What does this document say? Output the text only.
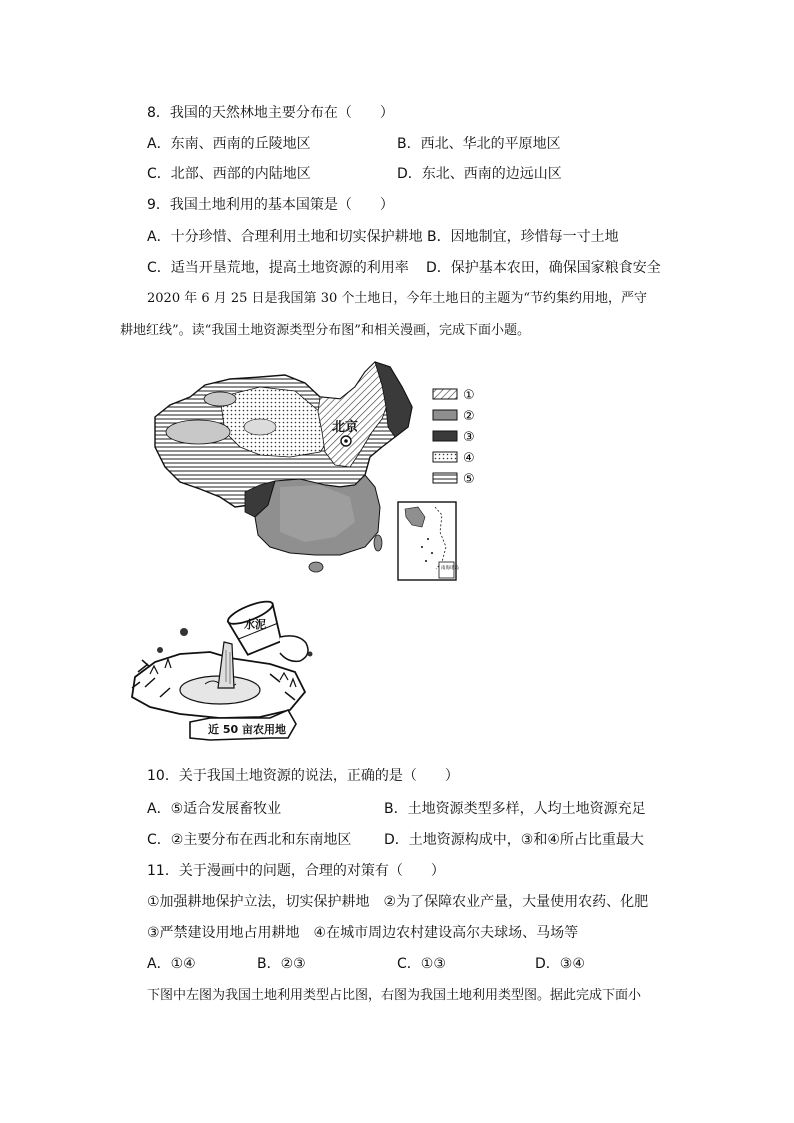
8．我国的天然林地主要分布在（　　）
A．东南、西南的丘陵地区	B．西北、华北的平原地区
C．北部、西部的内陆地区	D．东北、西南的边远山区
9．我国土地利用的基本国策是（　　）
A．十分珍惜、合理利用土地和切实保护耕地 B．因地制宜，珍惜每一寸土地
C．适当开垦荒地，提高土地资源的利用率 D．保护基本农田，确保国家粮食安全
2020 年 6 月 25 日是我国第 30 个土地日，今年土地日的主题为“节约集约用地，严守
耕地红线”。读“我国土地资源类型分布图”和相关漫画，完成下面小题。
北京
①
②
③
④
⑤
南海诸岛
水泥
近 50 亩农用地
10．关于我国土地资源的说法，正确的是（　　）
A．⑤适合发展畜牧业	B．土地资源类型多样，人均土地资源充足
C．②主要分布在西北和东南地区 D．土地资源构成中，③和④所占比重最大
11．关于漫画中的问题，合理的对策有（　　）
①加强耕地保护立法，切实保护耕地　②为了保障农业产量，大量使用农药、化肥
③严禁建设用地占用耕地　④在城市周边农村建设高尔夫球场、马场等
A．①④	B．②③	C．①③	D．③④
下图中左图为我国土地利用类型占比图，右图为我国土地利用类型图。据此完成下面小
